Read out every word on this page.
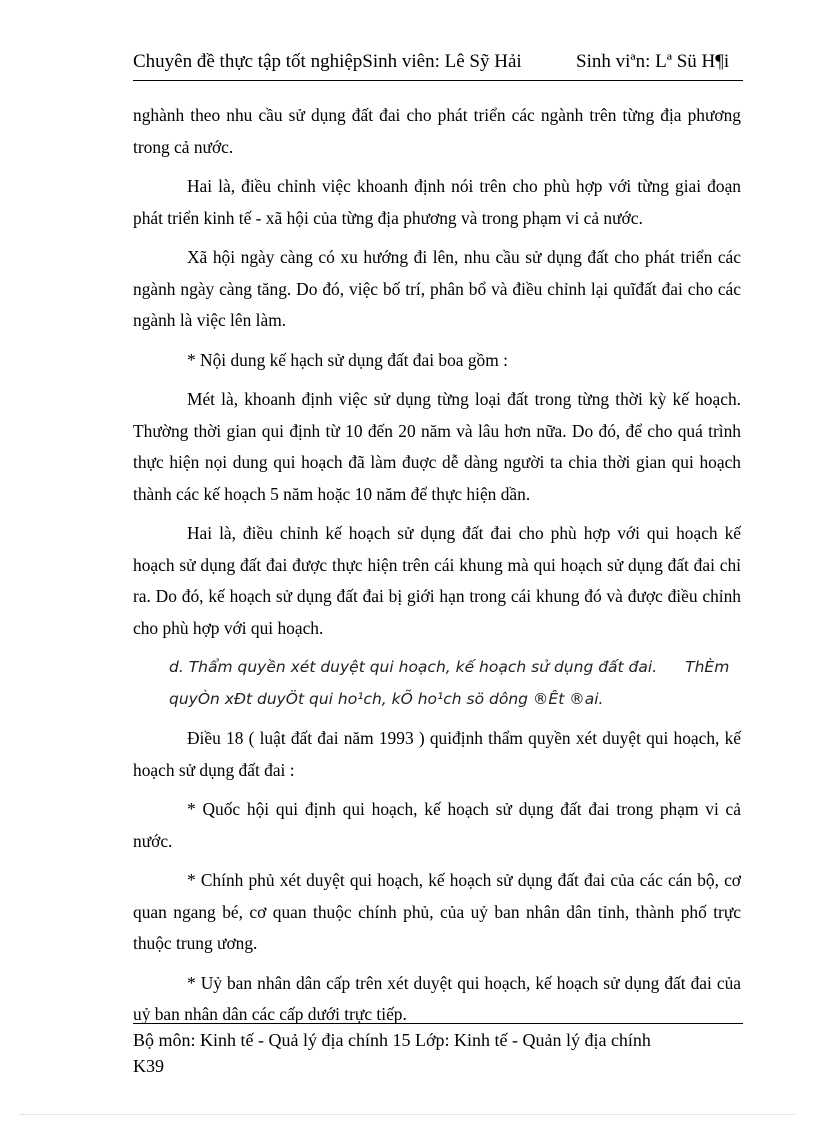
Chuyên đề thực tập tốt nghiệpSinh viên: Lê Sỹ Hải	Sinh viªn: Lª Sü H¶i

nghành theo nhu cầu sử dụng đất đai cho phát triển các ngành trên từng địa phương trong cả nước.

Hai là, điều chỉnh việc khoanh định nói trên cho phù hợp với từng giai đoạn phát triển kinh tế - xã hội của từng địa phương và trong phạm vi cả nước.

Xã hội ngày càng có xu hướng đi lên, nhu cầu sử dụng đất cho phát triển các ngành ngày càng tăng. Do đó, việc bố trí, phân bổ và điều chỉnh lại quĩđất đai cho các ngành là việc lên làm.

* Nội dung kế hạch sử dụng đất đai boa gồm :

Mét là, khoanh định việc sử dụng từng loại đất trong từng thời kỳ kế hoạch. Thường thời gian qui định từ 10 đến 20 năm và lâu hơn nữa. Do đó, để cho quá trình thực hiện nọi dung qui hoạch đã làm đuợc dễ dàng người ta chia thời gian qui hoạch thành các kế hoạch 5 năm hoặc 10 năm để thực hiện dần.

Hai là, điều chỉnh kế hoạch sử dụng đất đai cho phù hợp với qui hoạch kế hoạch sử dụng đất đai được thực hiện trên cái khung mà qui hoạch sử dụng đất đai chỉ ra. Do đó, kế hoạch sử dụng đất đai bị giới hạn trong cái khung đó và được điều chỉnh cho phù hợp với qui hoạch.

d. Thẩm quyền xét duyệt qui hoạch, kế hoạch sử dụng đất đai. ThÈm quyÒn xÐt duyÖt qui ho¹ch, kÕ ho¹ch sö dông ®Êt ®ai.

Điều 18 ( luật đất đai năm 1993 ) quiđịnh thẩm quyền xét duyệt qui hoạch, kế hoạch sử dụng đất đai :

* Quốc hội qui định qui hoạch, kế hoạch sử dụng đất đai trong phạm vi cả nước.

* Chính phủ xét duyệt qui hoạch, kế hoạch sử dụng đất đai của các cán bộ, cơ quan ngang bé, cơ quan thuộc chính phủ, của uỷ ban nhân dân tỉnh, thành phố trực thuộc trung ương.

* Uỷ ban nhân dân cấp trên xét duyệt qui hoạch, kế hoạch sử dụng đất đai của uỷ ban nhân dân các cấp dưới trực tiếp.

Bộ môn: Kinh tế - Quả lý địa chính 15 Lớp: Kinh tế - Quản lý địa chính
K39
